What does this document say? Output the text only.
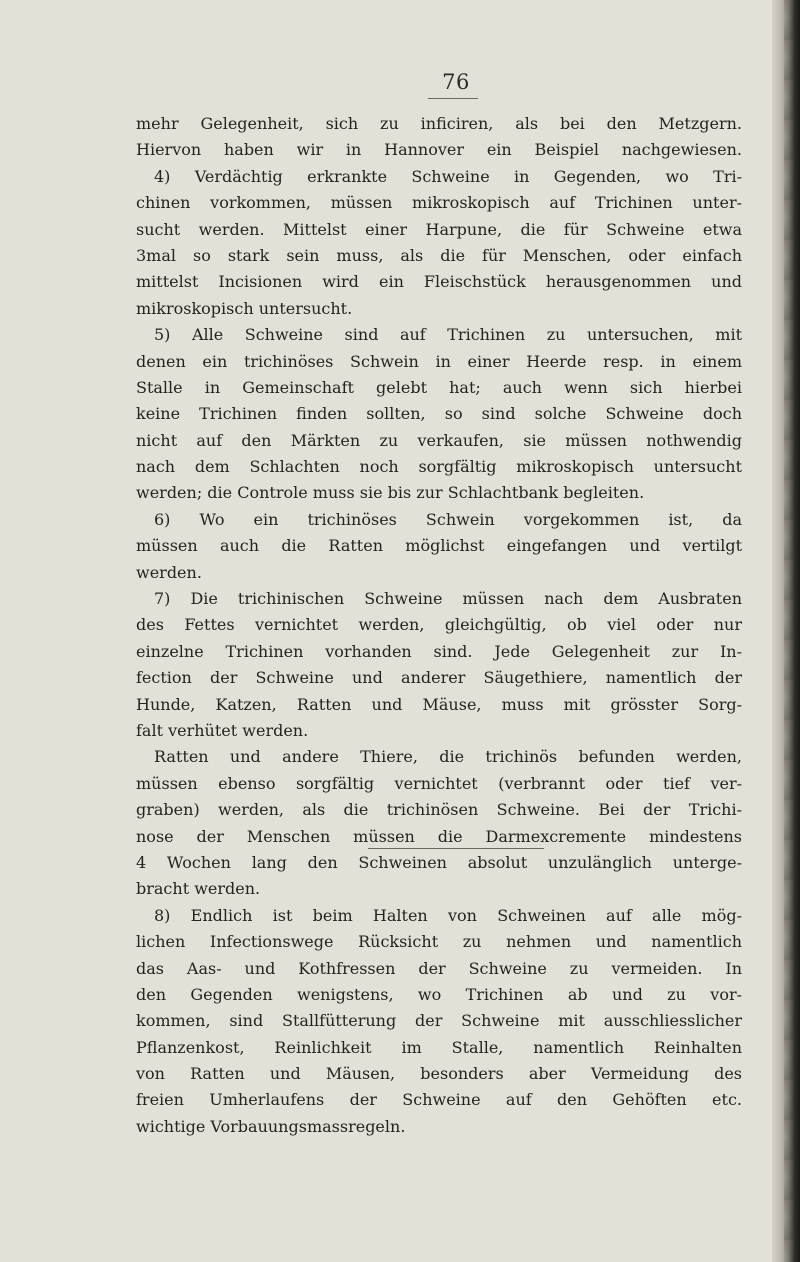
76
mehr Gelegenheit, sich zu inficiren, als bei den Metzgern.
Hiervon haben wir in Hannover ein Beispiel nachgewiesen.
4) Verdächtig erkrankte Schweine in Gegenden, wo Tri-
chinen vorkommen, müssen mikroskopisch auf Trichinen unter-
sucht werden. Mittelst einer Harpune, die für Schweine etwa
3mal so stark sein muss, als die für Menschen, oder einfach
mittelst Incisionen wird ein Fleischstück herausgenommen und
mikroskopisch untersucht.
5) Alle Schweine sind auf Trichinen zu untersuchen, mit
denen ein trichinöses Schwein in einer Heerde resp. in einem
Stalle in Gemeinschaft gelebt hat; auch wenn sich hierbei
keine Trichinen finden sollten, so sind solche Schweine doch
nicht auf den Märkten zu verkaufen, sie müssen nothwendig
nach dem Schlachten noch sorgfältig mikroskopisch untersucht
werden; die Controle muss sie bis zur Schlachtbank begleiten.
6) Wo ein trichinöses Schwein vorgekommen ist, da
müssen auch die Ratten möglichst eingefangen und vertilgt
werden.
7) Die trichinischen Schweine müssen nach dem Ausbraten
des Fettes vernichtet werden, gleichgültig, ob viel oder nur
einzelne Trichinen vorhanden sind. Jede Gelegenheit zur In-
fection der Schweine und anderer Säugethiere, namentlich der
Hunde, Katzen, Ratten und Mäuse, muss mit grösster Sorg-
falt verhütet werden.
Ratten und andere Thiere, die trichinös befunden werden,
müssen ebenso sorgfältig vernichtet (verbrannt oder tief ver-
graben) werden, als die trichinösen Schweine. Bei der Trichi-
nose der Menschen müssen die Darmexcremente mindestens
4 Wochen lang den Schweinen absolut unzulänglich unterge-
bracht werden.
8) Endlich ist beim Halten von Schweinen auf alle mög-
lichen Infectionswege Rücksicht zu nehmen und namentlich
das Aas- und Kothfressen der Schweine zu vermeiden. In
den Gegenden wenigstens, wo Trichinen ab und zu vor-
kommen, sind Stallfütterung der Schweine mit ausschliesslicher
Pflanzenkost, Reinlichkeit im Stalle, namentlich Reinhalten
von Ratten und Mäusen, besonders aber Vermeidung des
freien Umherlaufens der Schweine auf den Gehöften etc.
wichtige Vorbauungsmassregeln.
